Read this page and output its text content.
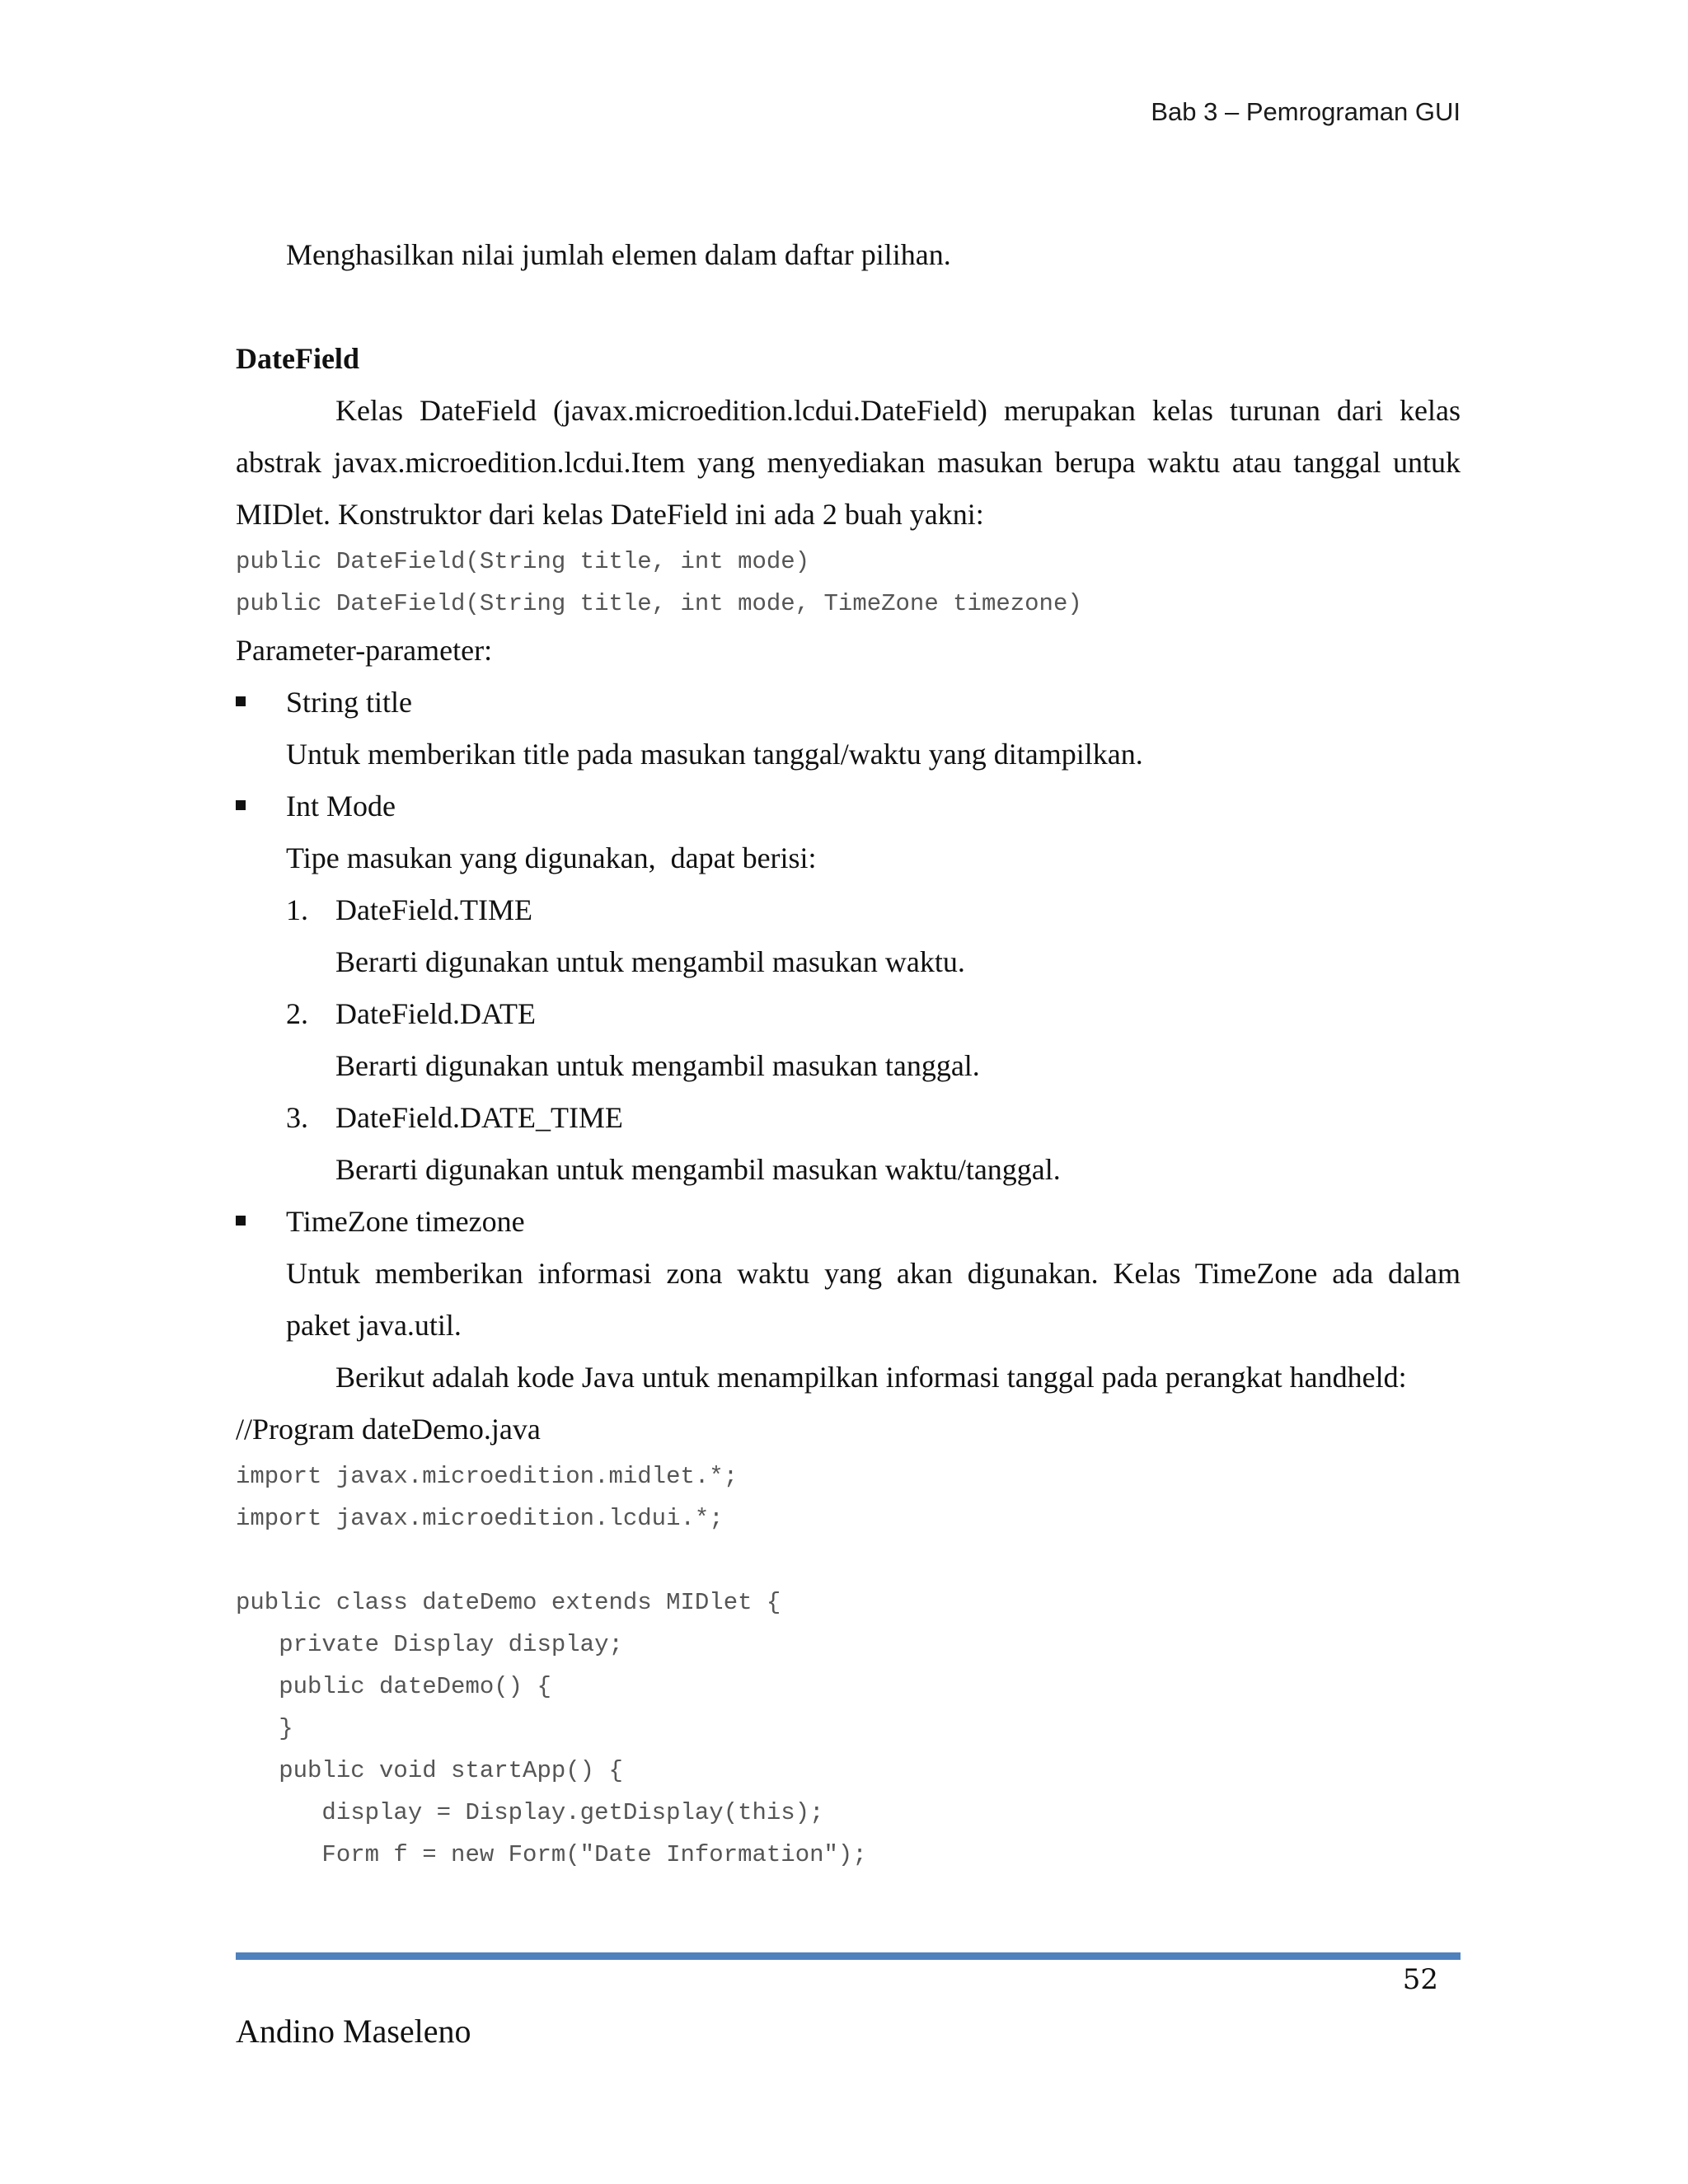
Bab 3 – Pemrograman GUI
Menghasilkan nilai jumlah elemen dalam daftar pilihan.
DateField
Kelas DateField (javax.microedition.lcdui.DateField) merupakan kelas turunan dari kelas
abstrak javax.microedition.lcdui.Item yang menyediakan masukan berupa waktu atau tanggal untuk
MIDlet. Konstruktor dari kelas DateField ini ada 2 buah yakni:
public DateField(String title, int mode)
public DateField(String title, int mode, TimeZone timezone)
Parameter-parameter:
String title
Untuk memberikan title pada masukan tanggal/waktu yang ditampilkan.
Int Mode
Tipe masukan yang digunakan,  dapat berisi:
1. DateField.TIME
Berarti digunakan untuk mengambil masukan waktu.
2. DateField.DATE
Berarti digunakan untuk mengambil masukan tanggal.
3. DateField.DATE_TIME
Berarti digunakan untuk mengambil masukan waktu/tanggal.
TimeZone timezone
Untuk memberikan informasi zona waktu yang akan digunakan. Kelas TimeZone ada dalam
paket java.util.
Berikut adalah kode Java untuk menampilkan informasi tanggal pada perangkat handheld:
//Program dateDemo.java
import javax.microedition.midlet.*;
import javax.microedition.lcdui.*;
public class dateDemo extends MIDlet {
private Display display;
public dateDemo() {
}
public void startApp() {
display = Display.getDisplay(this);
Form f = new Form("Date Information");
52
Andino Maseleno
